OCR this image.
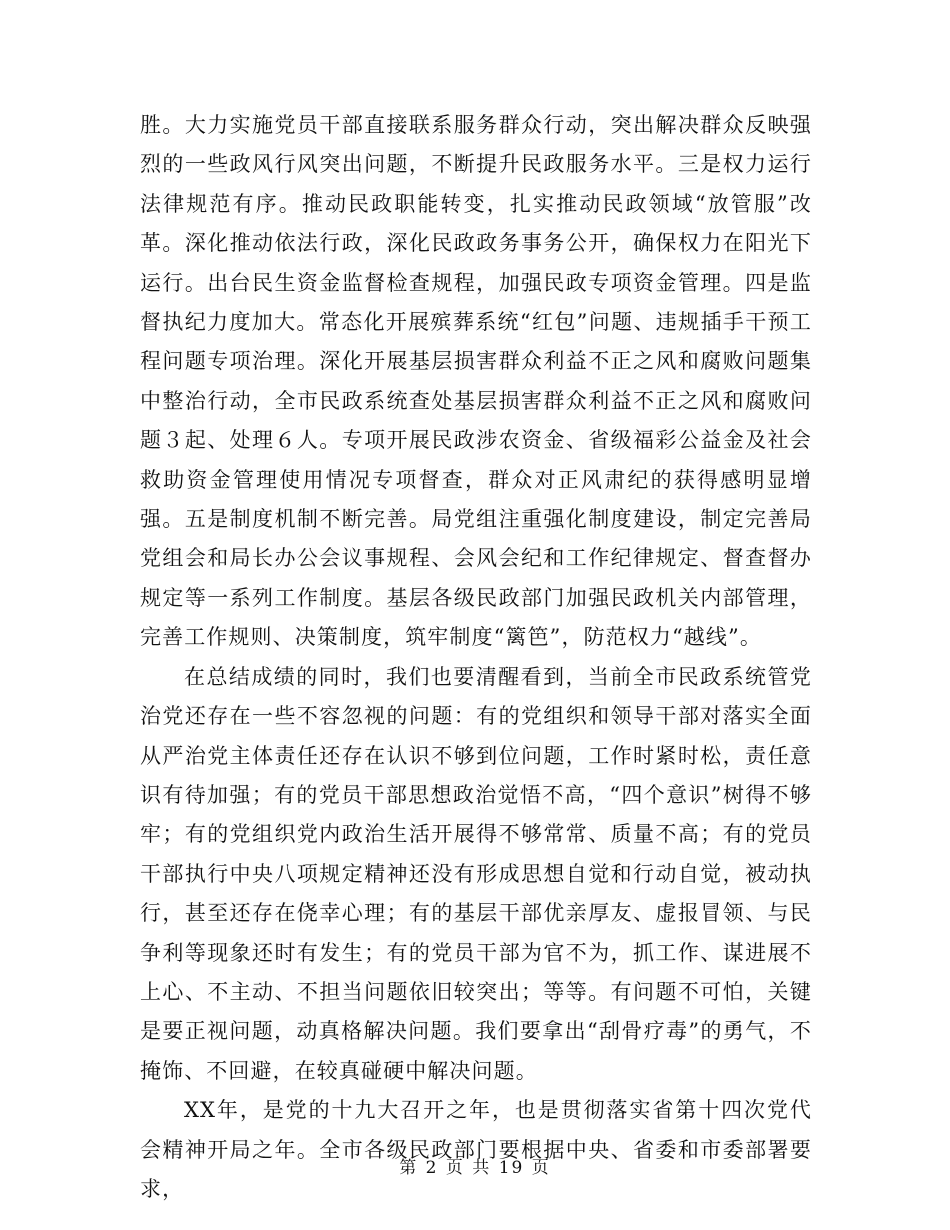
胜。大力实施党员干部直接联系服务群众行动，突出解决群众反映强烈的一些政风行风突出问题，不断提升民政服务水平。三是权力运行法律规范有序。推动民政职能转变，扎实推动民政领域“放管服”改革。深化推动依法行政，深化民政政务事务公开，确保权力在阳光下运行。出台民生资金监督检查规程，加强民政专项资金管理。四是监督执纪力度加大。常态化开展殡葬系统“红包”问题、违规插手干预工程问题专项治理。深化开展基层损害群众利益不正之风和腐败问题集中整治行动，全市民政系统查处基层损害群众利益不正之风和腐败问题３起、处理６人。专项开展民政涉农资金、省级福彩公益金及社会救助资金管理使用情况专项督查，群众对正风肃纪的获得感明显增强。五是制度机制不断完善。局党组注重强化制度建设，制定完善局党组会和局长办公会议事规程、会风会纪和工作纪律规定、督查督办规定等一系列工作制度。基层各级民政部门加强民政机关内部管理，完善工作规则、决策制度，筑牢制度“篱笆”，防范权力“越线”。

在总结成绩的同时，我们也要清醒看到，当前全市民政系统管党治党还存在一些不容忽视的问题：有的党组织和领导干部对落实全面从严治党主体责任还存在认识不够到位问题，工作时紧时松，责任意识有待加强；有的党员干部思想政治觉悟不高，“四个意识”树得不够牢；有的党组织党内政治生活开展得不够常常、质量不高；有的党员干部执行中央八项规定精神还没有形成思想自觉和行动自觉，被动执行，甚至还存在侥幸心理；有的基层干部优亲厚友、虚报冒领、与民争利等现象还时有发生；有的党员干部为官不为，抓工作、谋进展不上心、不主动、不担当问题依旧较突出；等等。有问题不可怕，关键是要正视问题，动真格解决问题。我们要拿出“刮骨疗毒”的勇气，不掩饰、不回避，在较真碰硬中解决问题。

XX年，是党的十九大召开之年，也是贯彻落实省第十四次党代会精神开局之年。全市各级民政部门要根据中央、省委和市委部署要求，

第 2 页 共 19 页
